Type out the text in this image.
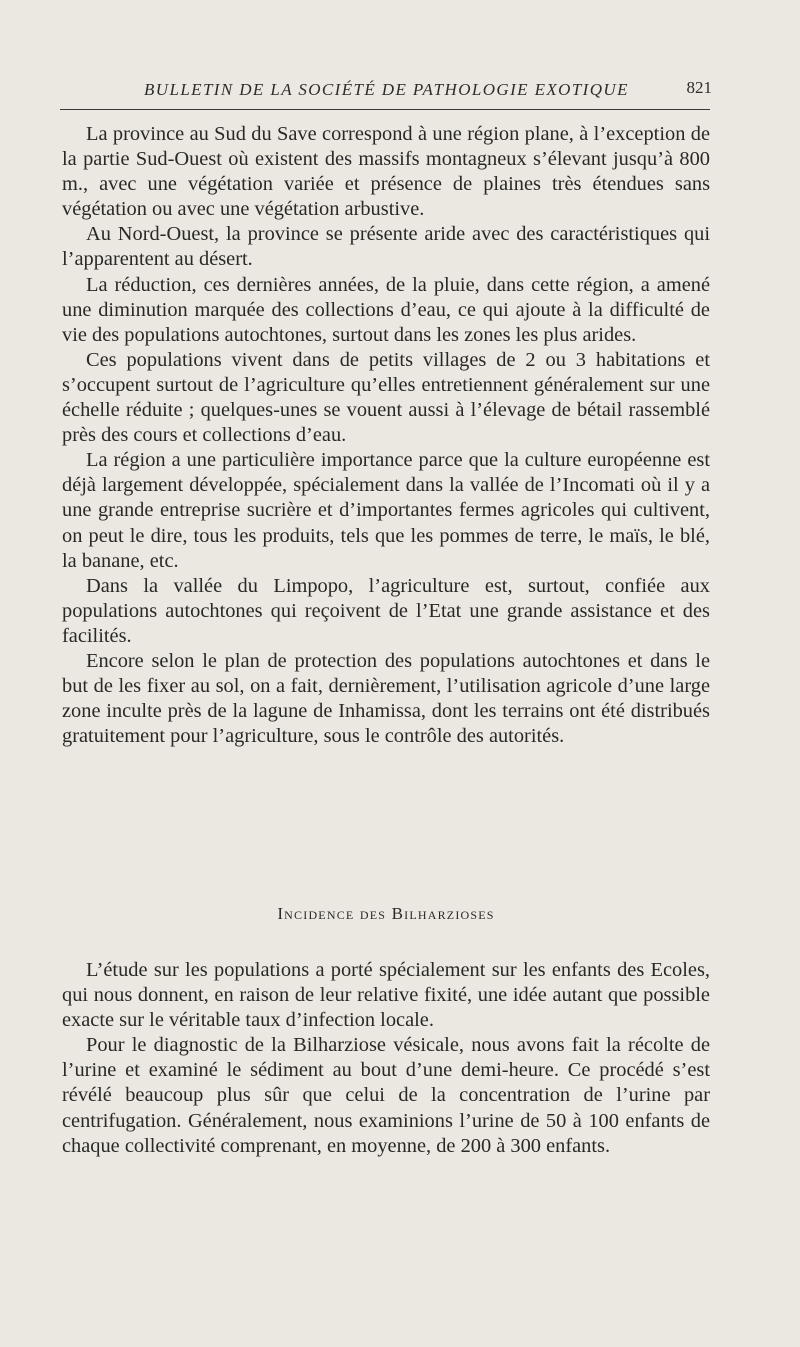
BULLETIN DE LA SOCIÉTÉ DE PATHOLOGIE EXOTIQUE	821

La province au Sud du Save correspond à une région plane, à l’exception de la partie Sud-Ouest où existent des massifs montagneux s’élevant jusqu’à 800 m., avec une végétation variée et présence de plaines très étendues sans végétation ou avec une végétation arbustive.

Au Nord-Ouest, la province se présente aride avec des caractéristiques qui l’apparentent au désert.

La réduction, ces dernières années, de la pluie, dans cette région, a amené une diminution marquée des collections d’eau, ce qui ajoute à la difficulté de vie des populations autochtones, surtout dans les zones les plus arides.

Ces populations vivent dans de petits villages de 2 ou 3 habitations et s’occupent surtout de l’agriculture qu’elles entretiennent généralement sur une échelle réduite ; quelques-unes se vouent aussi à l’élevage de bétail rassemblé près des cours et collections d’eau.

La région a une particulière importance parce que la culture européenne est déjà largement développée, spécialement dans la vallée de l’Incomati où il y a une grande entreprise sucrière et d’importantes fermes agricoles qui cultivent, on peut le dire, tous les produits, tels que les pommes de terre, le maïs, le blé, la banane, etc.

Dans la vallée du Limpopo, l’agriculture est, surtout, confiée aux populations autochtones qui reçoivent de l’Etat une grande assistance et des facilités.

Encore selon le plan de protection des populations autochtones et dans le but de les fixer au sol, on a fait, dernièrement, l’utilisation agricole d’une large zone inculte près de la lagune de Inhamissa, dont les terrains ont été distribués gratuitement pour l’agriculture, sous le contrôle des autorités.

Incidence des Bilharzioses

L’étude sur les populations a porté spécialement sur les enfants des Ecoles, qui nous donnent, en raison de leur relative fixité, une idée autant que possible exacte sur le véritable taux d’infection locale.

Pour le diagnostic de la Bilharziose vésicale, nous avons fait la récolte de l’urine et examiné le sédiment au bout d’une demi-heure. Ce procédé s’est révélé beaucoup plus sûr que celui de la concentration de l’urine par centrifugation. Généralement, nous examinions l’urine de 50 à 100 enfants de chaque collectivité comprenant, en moyenne, de 200 à 300 enfants.
